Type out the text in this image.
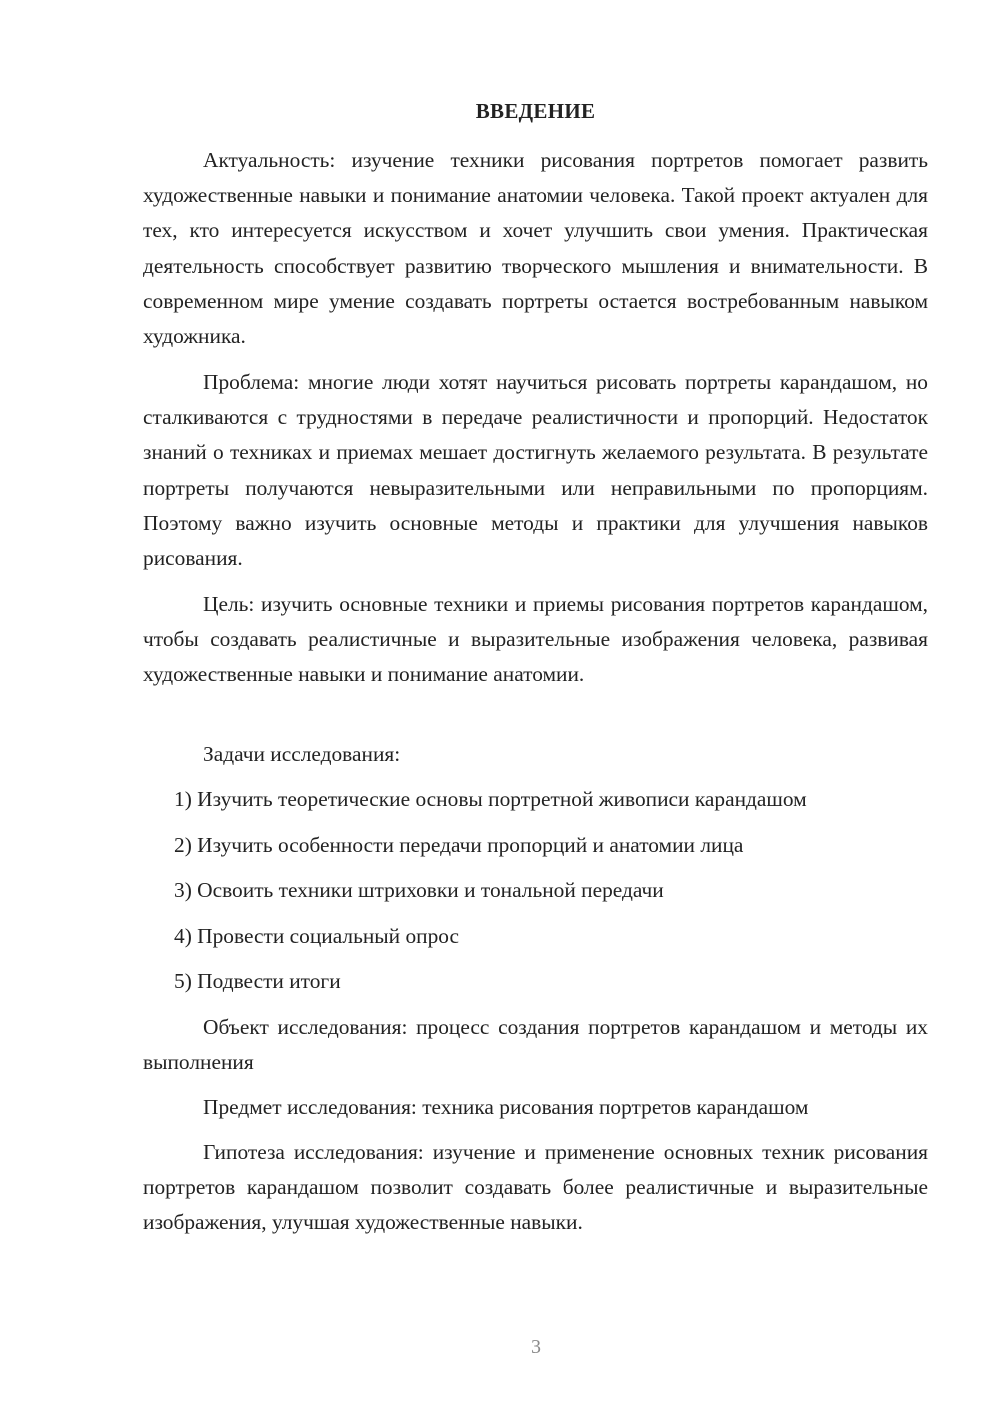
ВВЕДЕНИЕ

Актуальность: изучение техники рисования портретов помогает развить художественные навыки и понимание анатомии человека. Такой проект актуален для тех, кто интересуется искусством и хочет улучшить свои умения. Практическая деятельность способствует развитию творческого мышления и внимательности. В современном мире умение создавать портреты остается востребованным навыком художника.

Проблема: многие люди хотят научиться рисовать портреты карандашом, но сталкиваются с трудностями в передаче реалистичности и пропорций. Недостаток знаний о техниках и приемах мешает достигнуть желаемого результата. В результате портреты получаются невыразительными или неправильными по пропорциям. Поэтому важно изучить основные методы и практики для улучшения навыков рисования.

Цель: изучить основные техники и приемы рисования портретов карандашом, чтобы создавать реалистичные и выразительные изображения человека, развивая художественные навыки и понимание анатомии.

Задачи исследования:

1) Изучить теоретические основы портретной живописи карандашом

2) Изучить особенности передачи пропорций и анатомии лица

3) Освоить техники штриховки и тональной передачи

4) Провести социальный опрос

5) Подвести итоги

Объект исследования: процесс создания портретов карандашом и методы их выполнения

Предмет исследования: техника рисования портретов карандашом

Гипотеза исследования: изучение и применение основных техник рисования портретов карандашом позволит создавать более реалистичные и выразительные изображения, улучшая художественные навыки.

3
